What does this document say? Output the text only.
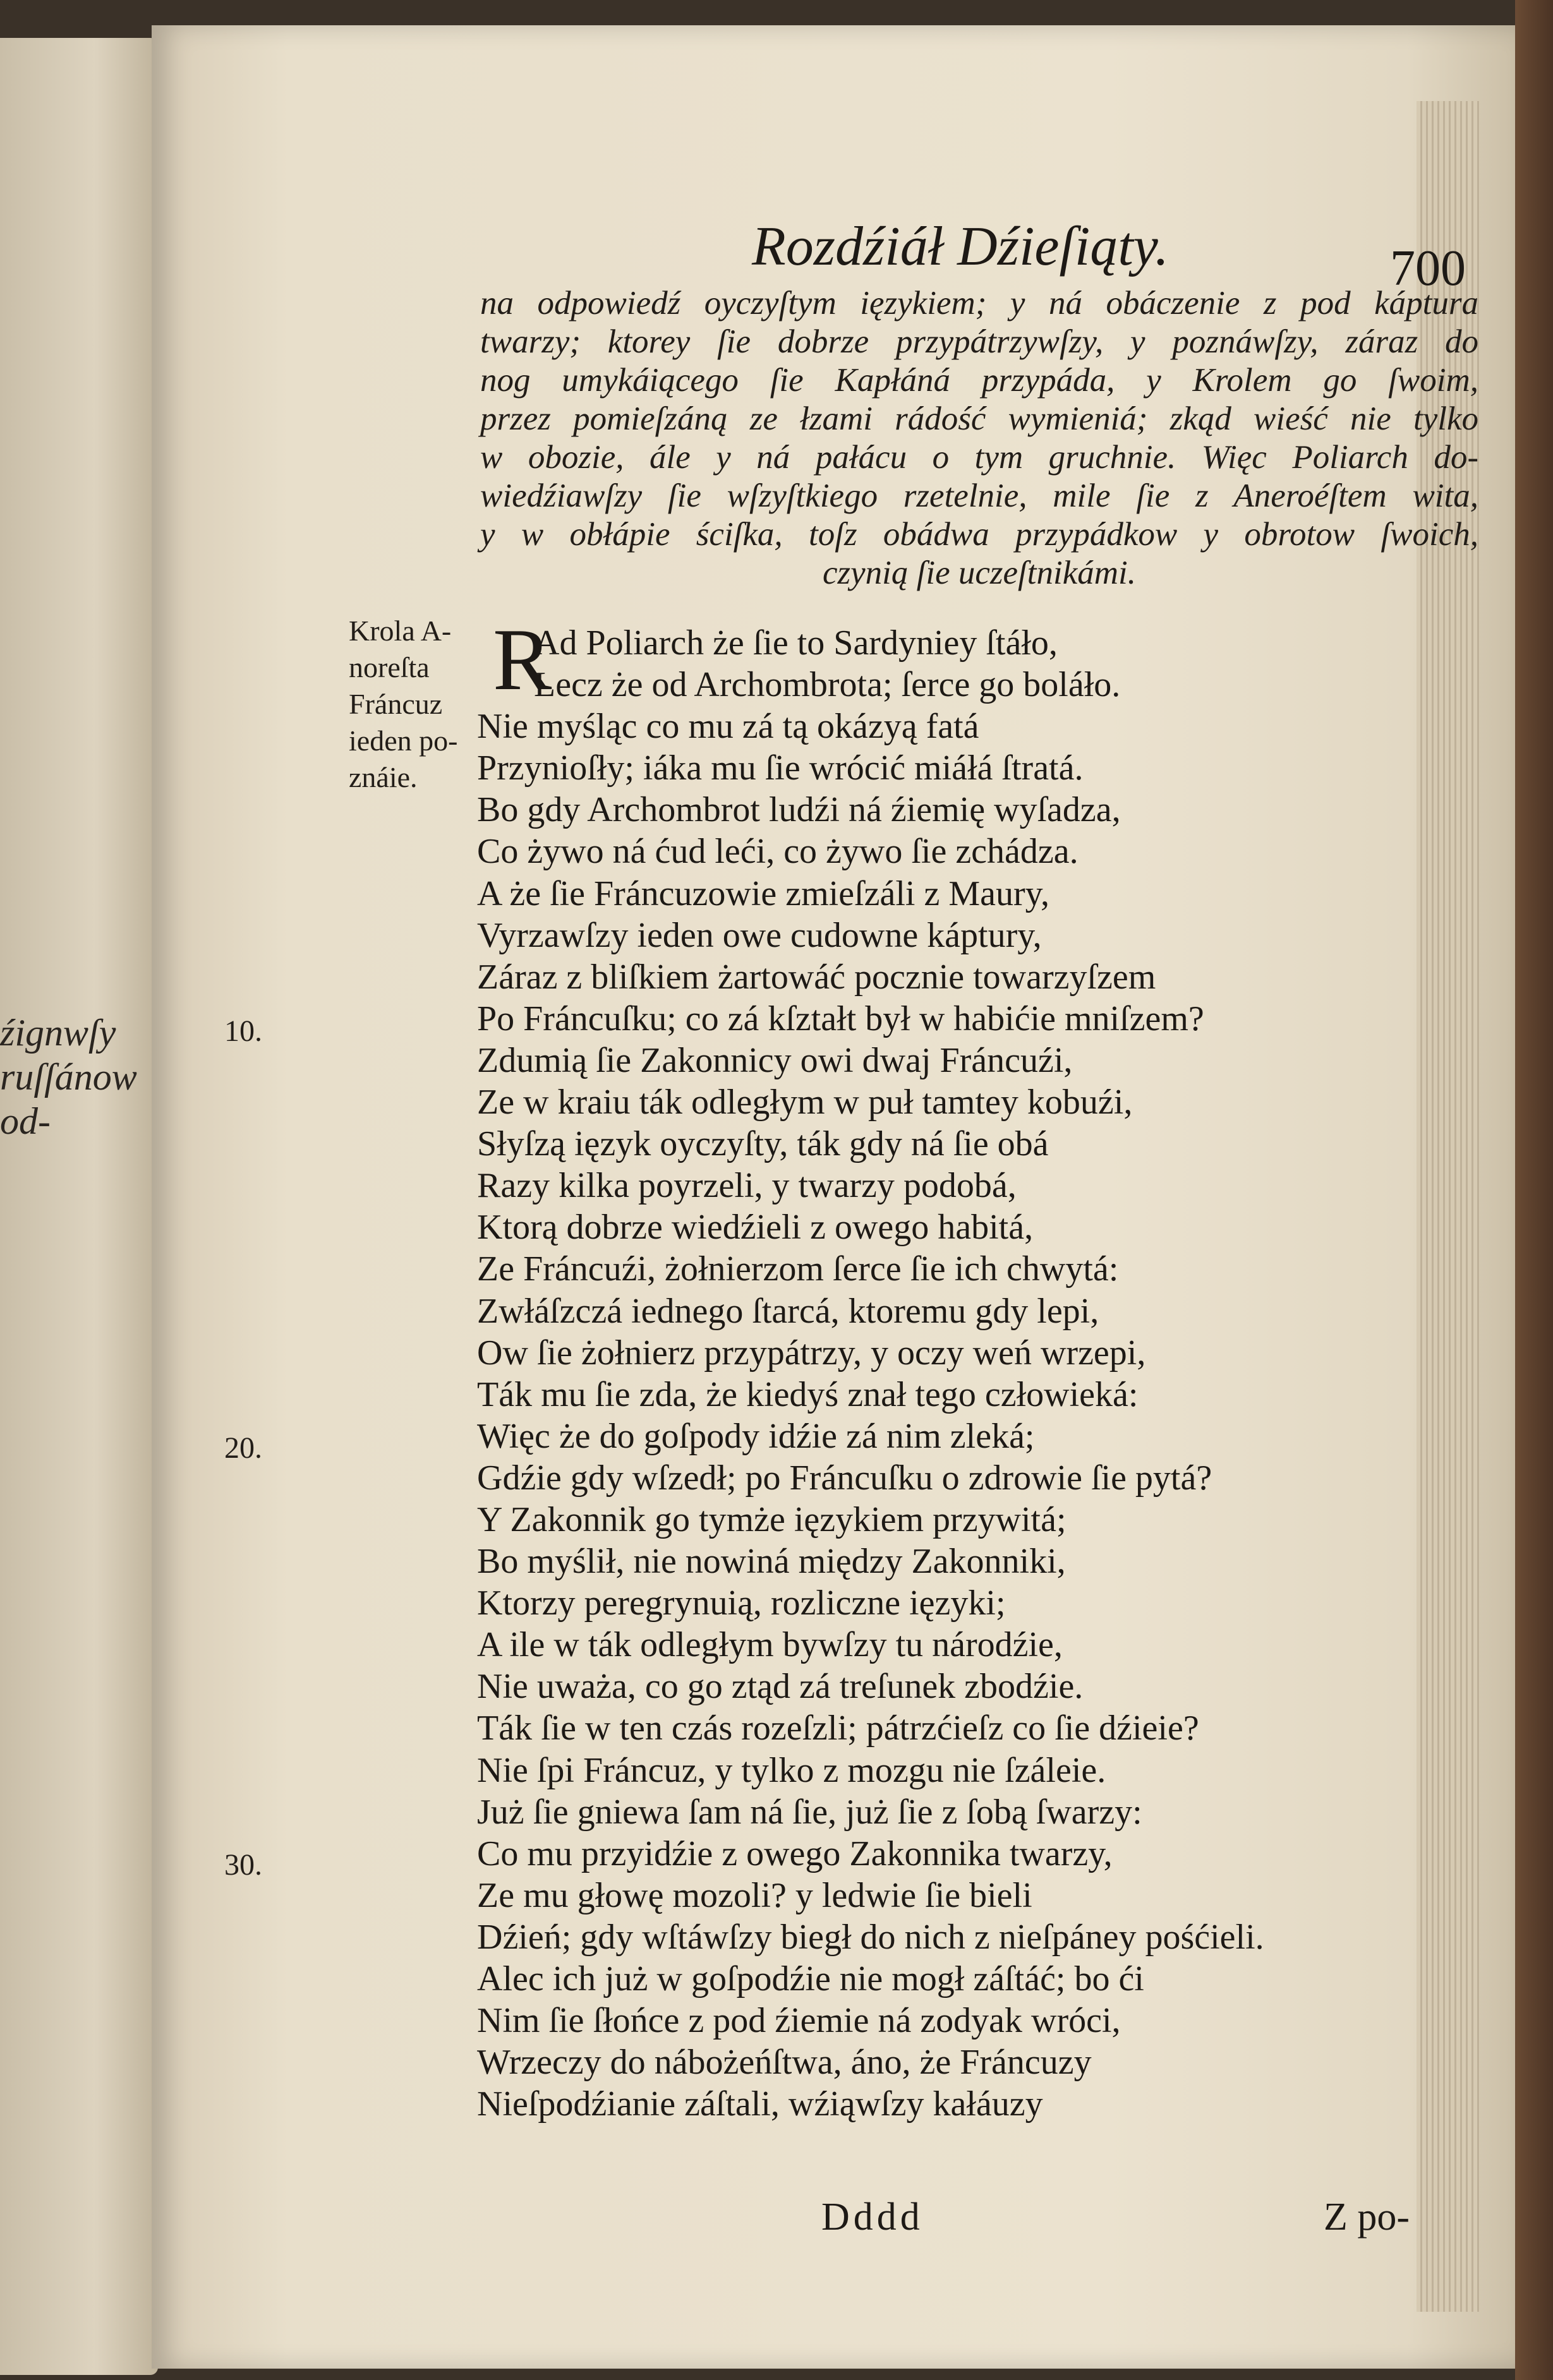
źignwſy
ruſſánow
od-
Rozdźiáł Dźieſiąty.	700
na odpowiedź oyczyſtym ięzykiem; y ná obáczenie z pod káptura
twarzy; ktorey ſie dobrze przypátrzywſzy, y poznáwſzy, záraz do
nog umykáiącego ſie Kapłáná przypáda, y Krolem go ſwoim,
przez pomieſzáną ze łzami rádość wymieniá; zkąd wieść nie tylko
w obozie, ále y ná pałácu o tym gruchnie. Więc Poliarch do-
wiedźiawſzy ſie wſzyſtkiego rzetelnie, mile ſie z Aneroéſtem wita,
y w obłápie ściſka, toſz obádwa przypádkow y obrotow ſwoich,
czynią ſie uczeſtnikámi.
Krola A-
noreſta
Fráncuz
ieden po-
znáie.
R
Ad Poliarch że ſie to Sardyniey ſtáło,
Lecz że od Archombrota; ſerce go boláło.
Nie myśląc co mu zá tą okázyą fatá
Przynioſły; iáka mu ſie wrócić miáłá ſtratá.
Bo gdy Archombrot ludźi ná źiemię wyſadza,
Co żywo ná ćud leći, co żywo ſie zchádza.
A że ſie Fráncuzowie zmieſzáli z Maury,
Vyrzawſzy ieden owe cudowne káptury,
Záraz z bliſkiem żartowáć pocznie towarzyſzem
Po Fráncuſku; co zá kſztałt był w habićie mniſzem?
Zdumią ſie Zakonnicy owi dwaj Fráncuźi,
Ze w kraiu ták odległym w puł tamtey kobuźi,
Słyſzą ięzyk oyczyſty, ták gdy ná ſie obá
Razy kilka poyrzeli, y twarzy podobá,
Ktorą dobrze wiedźieli z owego habitá,
Ze Fráncuźi, żołnierzom ſerce ſie ich chwytá:
Zwłáſzczá iednego ſtarcá, ktoremu gdy lepi,
Ow ſie żołnierz przypátrzy, y oczy weń wrzepi,
Ták mu ſie zda, że kiedyś znał tego człowieká:
Więc że do goſpody idźie zá nim zleká;
Gdźie gdy wſzedł; po Fráncuſku o zdrowie ſie pytá?
Y Zakonnik go tymże ięzykiem przywitá;
Bo myślił, nie nowiná między Zakonniki,
Ktorzy peregrynuią, rozliczne ięzyki;
A ile w ták odległym bywſzy tu národźie,
Nie uważa, co go ztąd zá treſunek zbodźie.
Ták ſie w ten czás rozeſzli; pátrzćieſz co ſie dźieie?
Nie ſpi Fráncuz, y tylko z mozgu nie ſzáleie.
Już ſie gniewa ſam ná ſie, już ſie z ſobą ſwarzy:
Co mu przyidźie z owego Zakonnika twarzy,
Ze mu głowę mozoli? y ledwie ſie bieli
Dźień; gdy wſtáwſzy biegł do nich z nieſpáney pośćieli.
Alec ich już w goſpodźie nie mogł záſtáć; bo ći
Nim ſie ſłońce z pod źiemie ná zodyak wróci,
Wrzeczy do nábożeńſtwa, áno, że Fráncuzy
Nieſpodźianie záſtali, wźiąwſzy kałáuzy
10.
20.
30.
Dddd	Z po-
